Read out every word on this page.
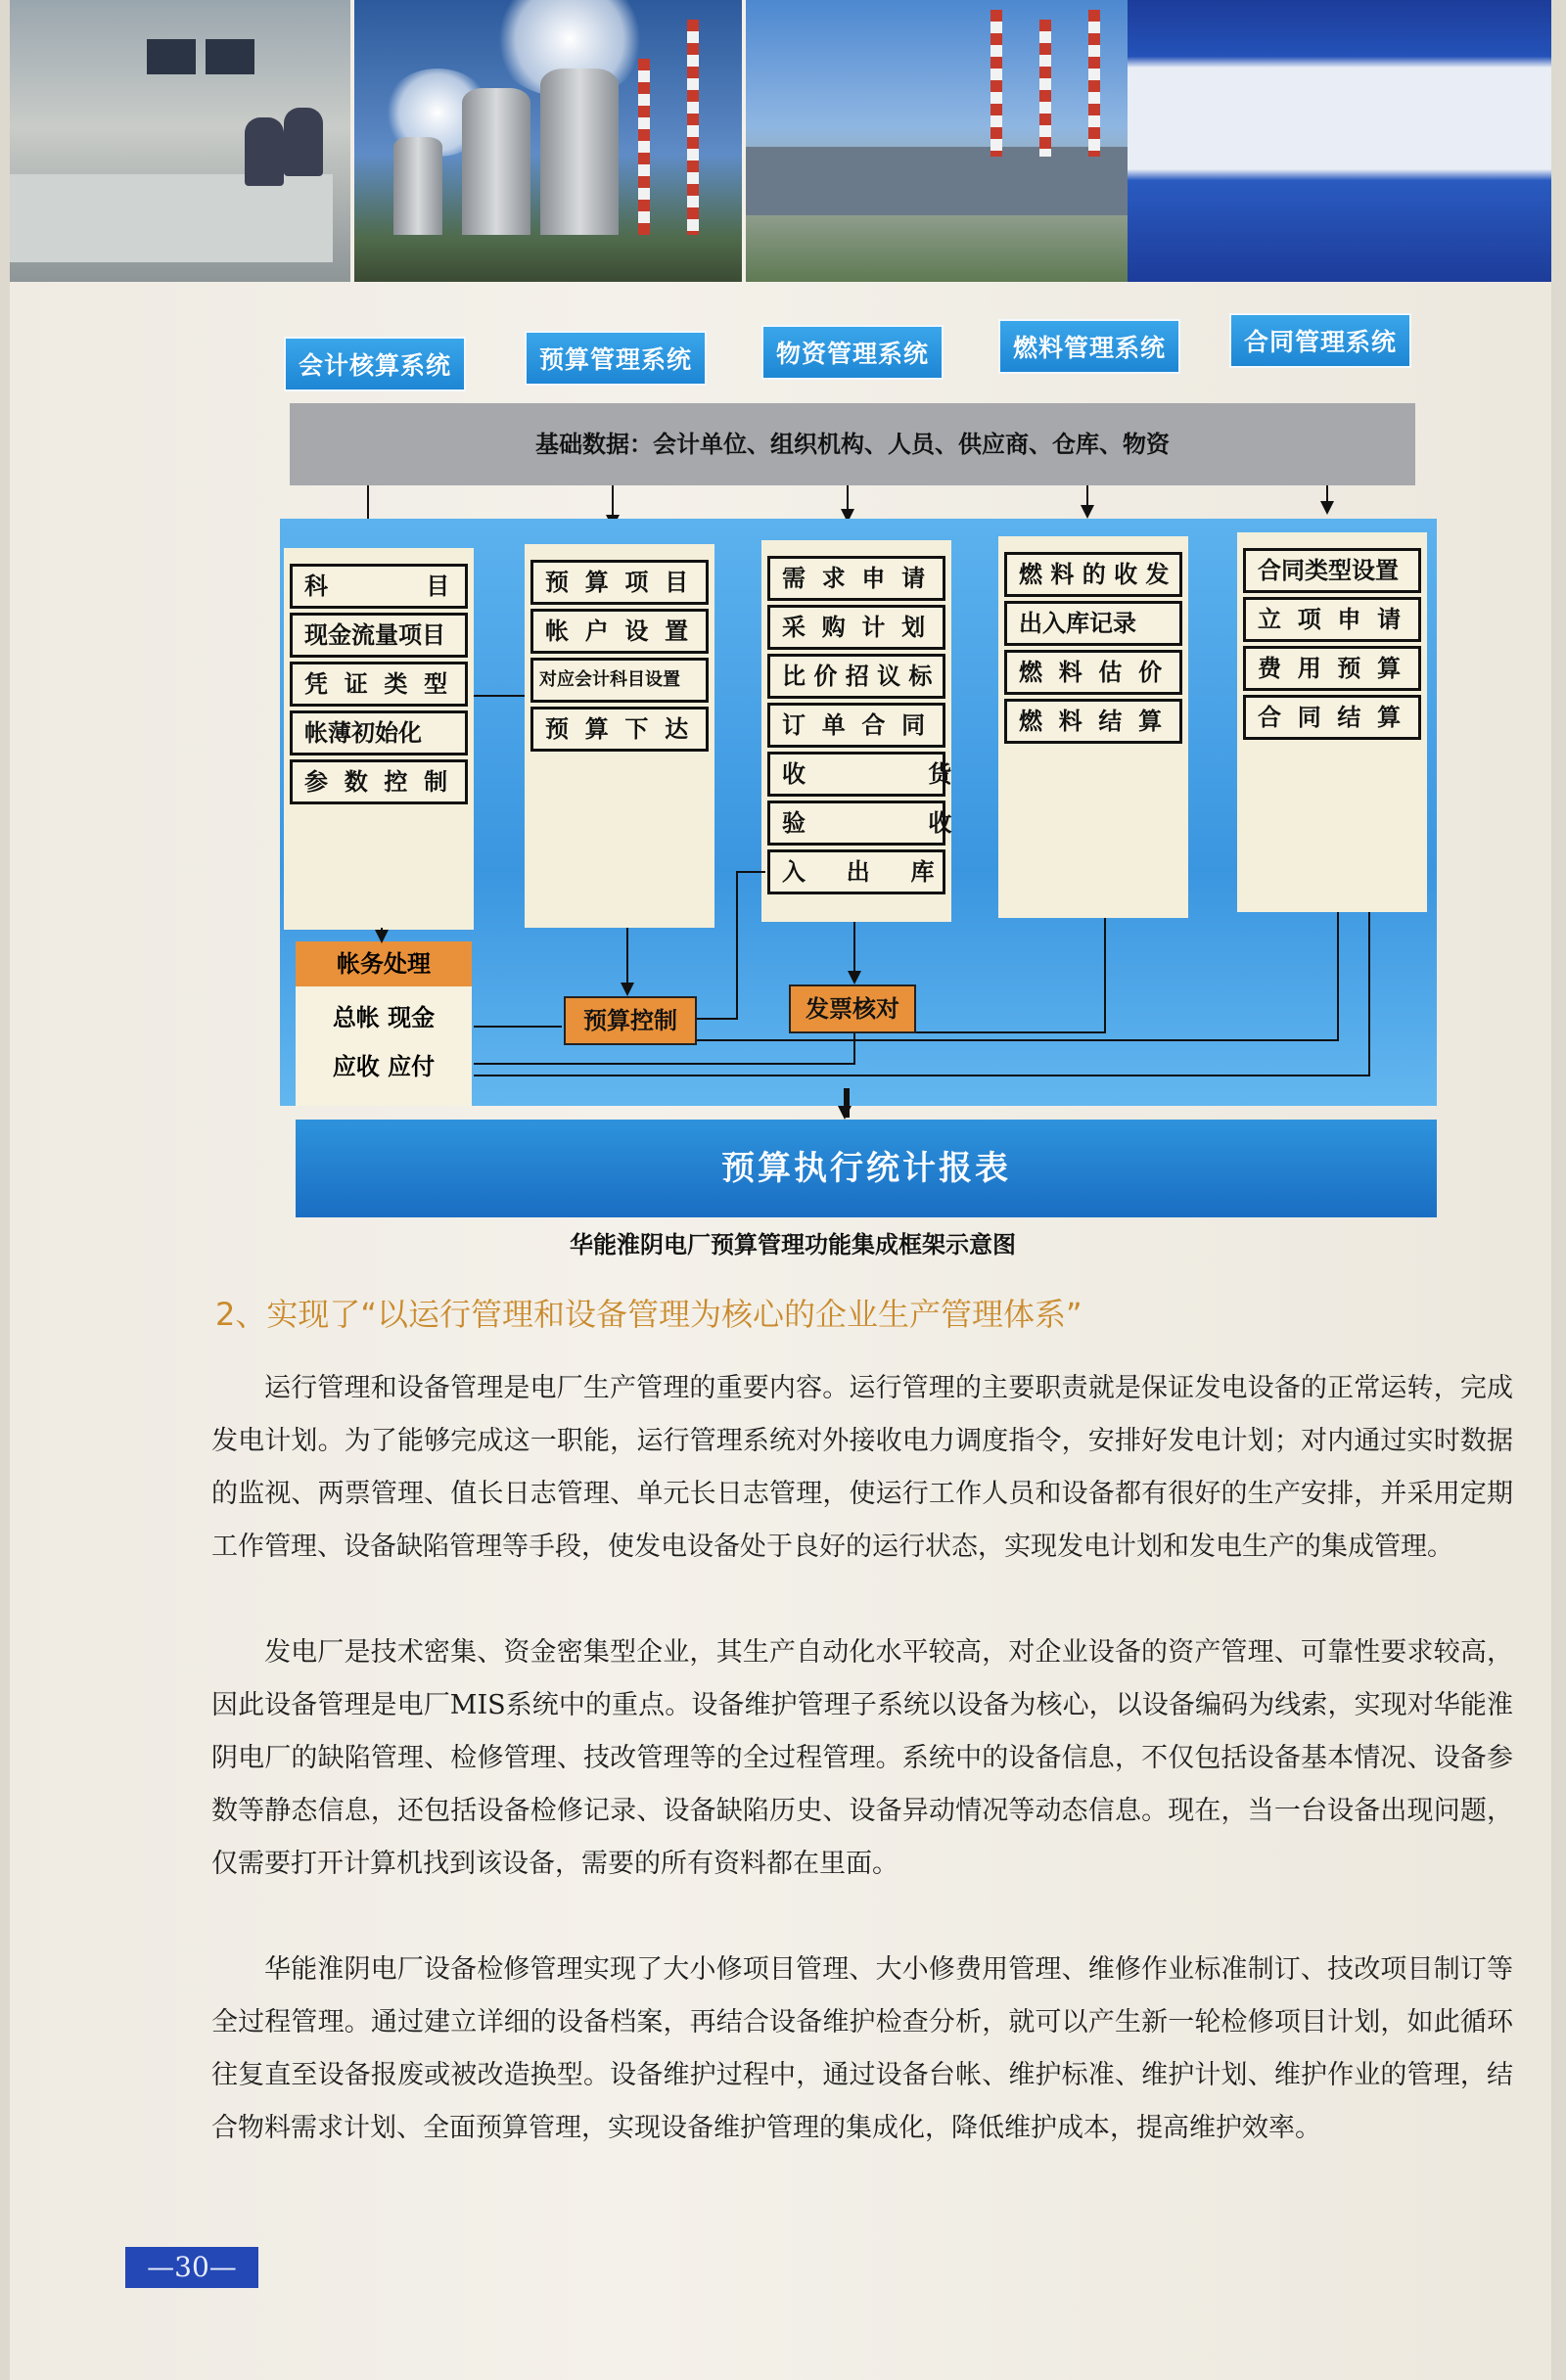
会计核算系统	预算管理系统	物资管理系统	燃料管理系统	合同管理系统
基础数据：会计单位、组织机构、人员、供应商、仓库、物资
科            目
现金流量项目
凭  证  类  型
帐薄初始化
参  数  控  制
预  算  项  目
帐  户  设  置
对应会计科目设置
预  算  下  达
需  求  申  请
采  购  计  划
比 价 招 议 标
订  单  合  同
收               货
验               收
入     出     库
燃 料 的 收 发
出入库记录
燃  料  估  价
燃  料  结  算
合同类型设置
立  项  申  请
费  用  预  算
合  同  结  算
帐务处理
总帐 现金
应收 应付
预算控制	发票核对
预算执行统计报表
华能淮阴电厂预算管理功能集成框架示意图
2、实现了“以运行管理和设备管理为核心的企业生产管理体系”

运行管理和设备管理是电厂生产管理的重要内容。运行管理的主要职责就是保证发电设备的正常运转，完成发电计划。为了能够完成这一职能，运行管理系统对外接收电力调度指令，安排好发电计划；对内通过实时数据的监视、两票管理、值长日志管理、单元长日志管理，使运行工作人员和设备都有很好的生产安排，并采用定期工作管理、设备缺陷管理等手段，使发电设备处于良好的运行状态，实现发电计划和发电生产的集成管理。

发电厂是技术密集、资金密集型企业，其生产自动化水平较高，对企业设备的资产管理、可靠性要求较高，因此设备管理是电厂MIS系统中的重点。设备维护管理子系统以设备为核心，以设备编码为线索，实现对华能淮阴电厂的缺陷管理、检修管理、技改管理等的全过程管理。系统中的设备信息，不仅包括设备基本情况、设备参数等静态信息，还包括设备检修记录、设备缺陷历史、设备异动情况等动态信息。现在，当一台设备出现问题，仅需要打开计算机找到该设备，需要的所有资料都在里面。

华能淮阴电厂设备检修管理实现了大小修项目管理、大小修费用管理、维修作业标准制订、技改项目制订等全过程管理。通过建立详细的设备档案，再结合设备维护检查分析，就可以产生新一轮检修项目计划，如此循环往复直至设备报废或被改造换型。设备维护过程中，通过设备台帐、维护标准、维护计划、维护作业的管理，结合物料需求计划、全面预算管理，实现设备维护管理的集成化，降低维护成本，提高维护效率。

—30—
